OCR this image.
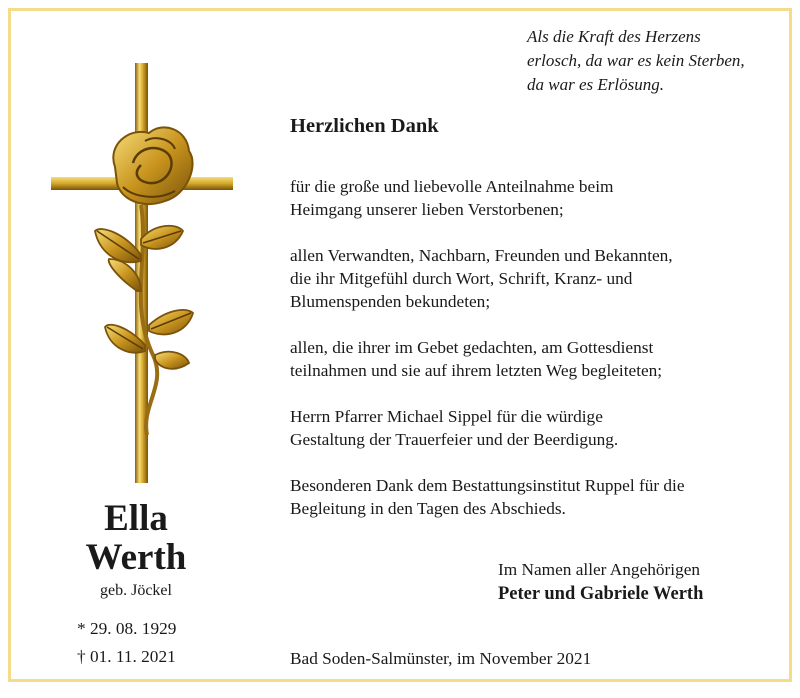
Als die Kraft des Herzens
erlosch, da war es kein Sterben,
da war es Erlösung.
Herzlichen Dank
für die große und liebevolle Anteilnahme beim
Heimgang unserer lieben Verstorbenen;
allen Verwandten, Nachbarn, Freunden und Bekannten,
die ihr Mitgefühl durch Wort, Schrift, Kranz- und
Blumenspenden bekundeten;
allen, die ihrer im Gebet gedachten, am Gottesdienst
teilnahmen und sie auf ihrem letzten Weg begleiteten;
Herrn Pfarrer Michael Sippel für die würdige
Gestaltung der Trauerfeier und der Beerdigung.
Besonderen Dank dem Bestattungsinstitut Ruppel für die
Begleitung in den Tagen des Abschieds.
Im Namen aller Angehörigen
Peter und Gabriele Werth
Bad Soden-Salmünster, im November 2021
Ella
Werth
geb. Jöckel
* 29. 08. 1929
† 01. 11. 2021
